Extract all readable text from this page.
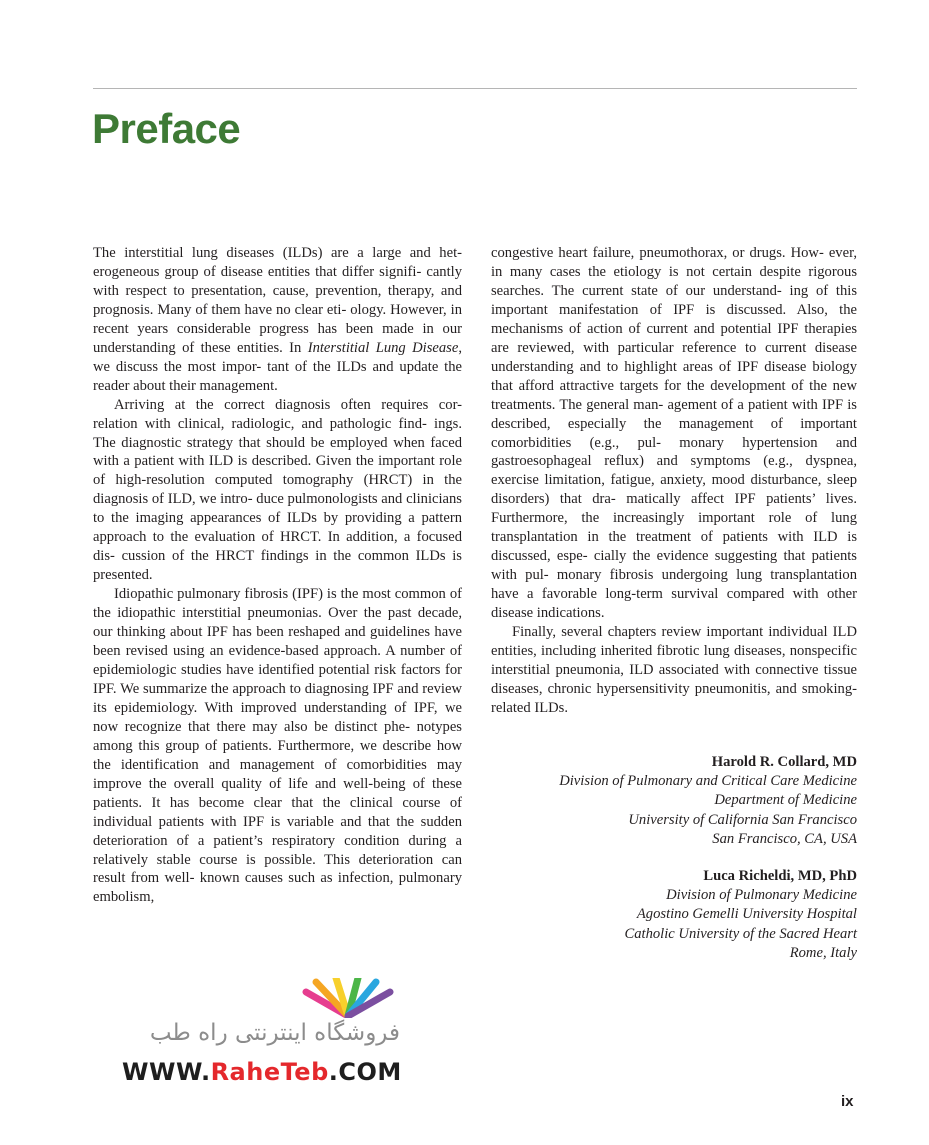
Preface

The interstitial lung diseases (ILDs) are a large and het- erogeneous group of disease entities that differ signifi- cantly with respect to presentation, cause, prevention, therapy, and prognosis. Many of them have no clear eti- ology. However, in recent years considerable progress has been made in our understanding of these entities. In Interstitial Lung Disease, we discuss the most impor- tant of the ILDs and update the reader about their management.

Arriving at the correct diagnosis often requires cor- relation with clinical, radiologic, and pathologic find- ings. The diagnostic strategy that should be employed when faced with a patient with ILD is described. Given the important role of high-resolution computed tomography (HRCT) in the diagnosis of ILD, we intro- duce pulmonologists and clinicians to the imaging appearances of ILDs by providing a pattern approach to the evaluation of HRCT. In addition, a focused dis- cussion of the HRCT findings in the common ILDs is presented.

Idiopathic pulmonary fibrosis (IPF) is the most common of the idiopathic interstitial pneumonias. Over the past decade, our thinking about IPF has been reshaped and guidelines have been revised using an evidence-based approach. A number of epidemiologic studies have identified potential risk factors for IPF. We summarize the approach to diagnosing IPF and review its epidemiology. With improved understanding of IPF, we now recognize that there may also be distinct phe- notypes among this group of patients. Furthermore, we describe how the identification and management of comorbidities may improve the overall quality of life and well-being of these patients. It has become clear that the clinical course of individual patients with IPF is variable and that the sudden deterioration of a patient’s respiratory condition during a relatively stable course is possible. This deterioration can result from well- known causes such as infection, pulmonary embolism,

congestive heart failure, pneumothorax, or drugs. How- ever, in many cases the etiology is not certain despite rigorous searches. The current state of our understand- ing of this important manifestation of IPF is discussed. Also, the mechanisms of action of current and potential IPF therapies are reviewed, with particular reference to current disease understanding and to highlight areas of IPF disease biology that afford attractive targets for the development of the new treatments. The general man- agement of a patient with IPF is described, especially the management of important comorbidities (e.g., pul- monary hypertension and gastroesophageal reflux) and symptoms (e.g., dyspnea, exercise limitation, fatigue, anxiety, mood disturbance, sleep disorders) that dra- matically affect IPF patients’ lives. Furthermore, the increasingly important role of lung transplantation in the treatment of patients with ILD is discussed, espe- cially the evidence suggesting that patients with pul- monary fibrosis undergoing lung transplantation have a favorable long-term survival compared with other disease indications.

Finally, several chapters review important individual ILD entities, including inherited fibrotic lung diseases, nonspecific interstitial pneumonia, ILD associated with connective tissue diseases, chronic hypersensitivity pneumonitis, and smoking-related ILDs.

Harold R. Collard, MD
Division of Pulmonary and Critical Care Medicine
Department of Medicine
University of California San Francisco
San Francisco, CA, USA
Luca Richeldi, MD, PhD
Division of Pulmonary Medicine
Agostino Gemelli University Hospital
Catholic University of the Sacred Heart
Rome, Italy
فروشگاه اینترنتی راه طب
WWW.RaheTeb.COM
ix
